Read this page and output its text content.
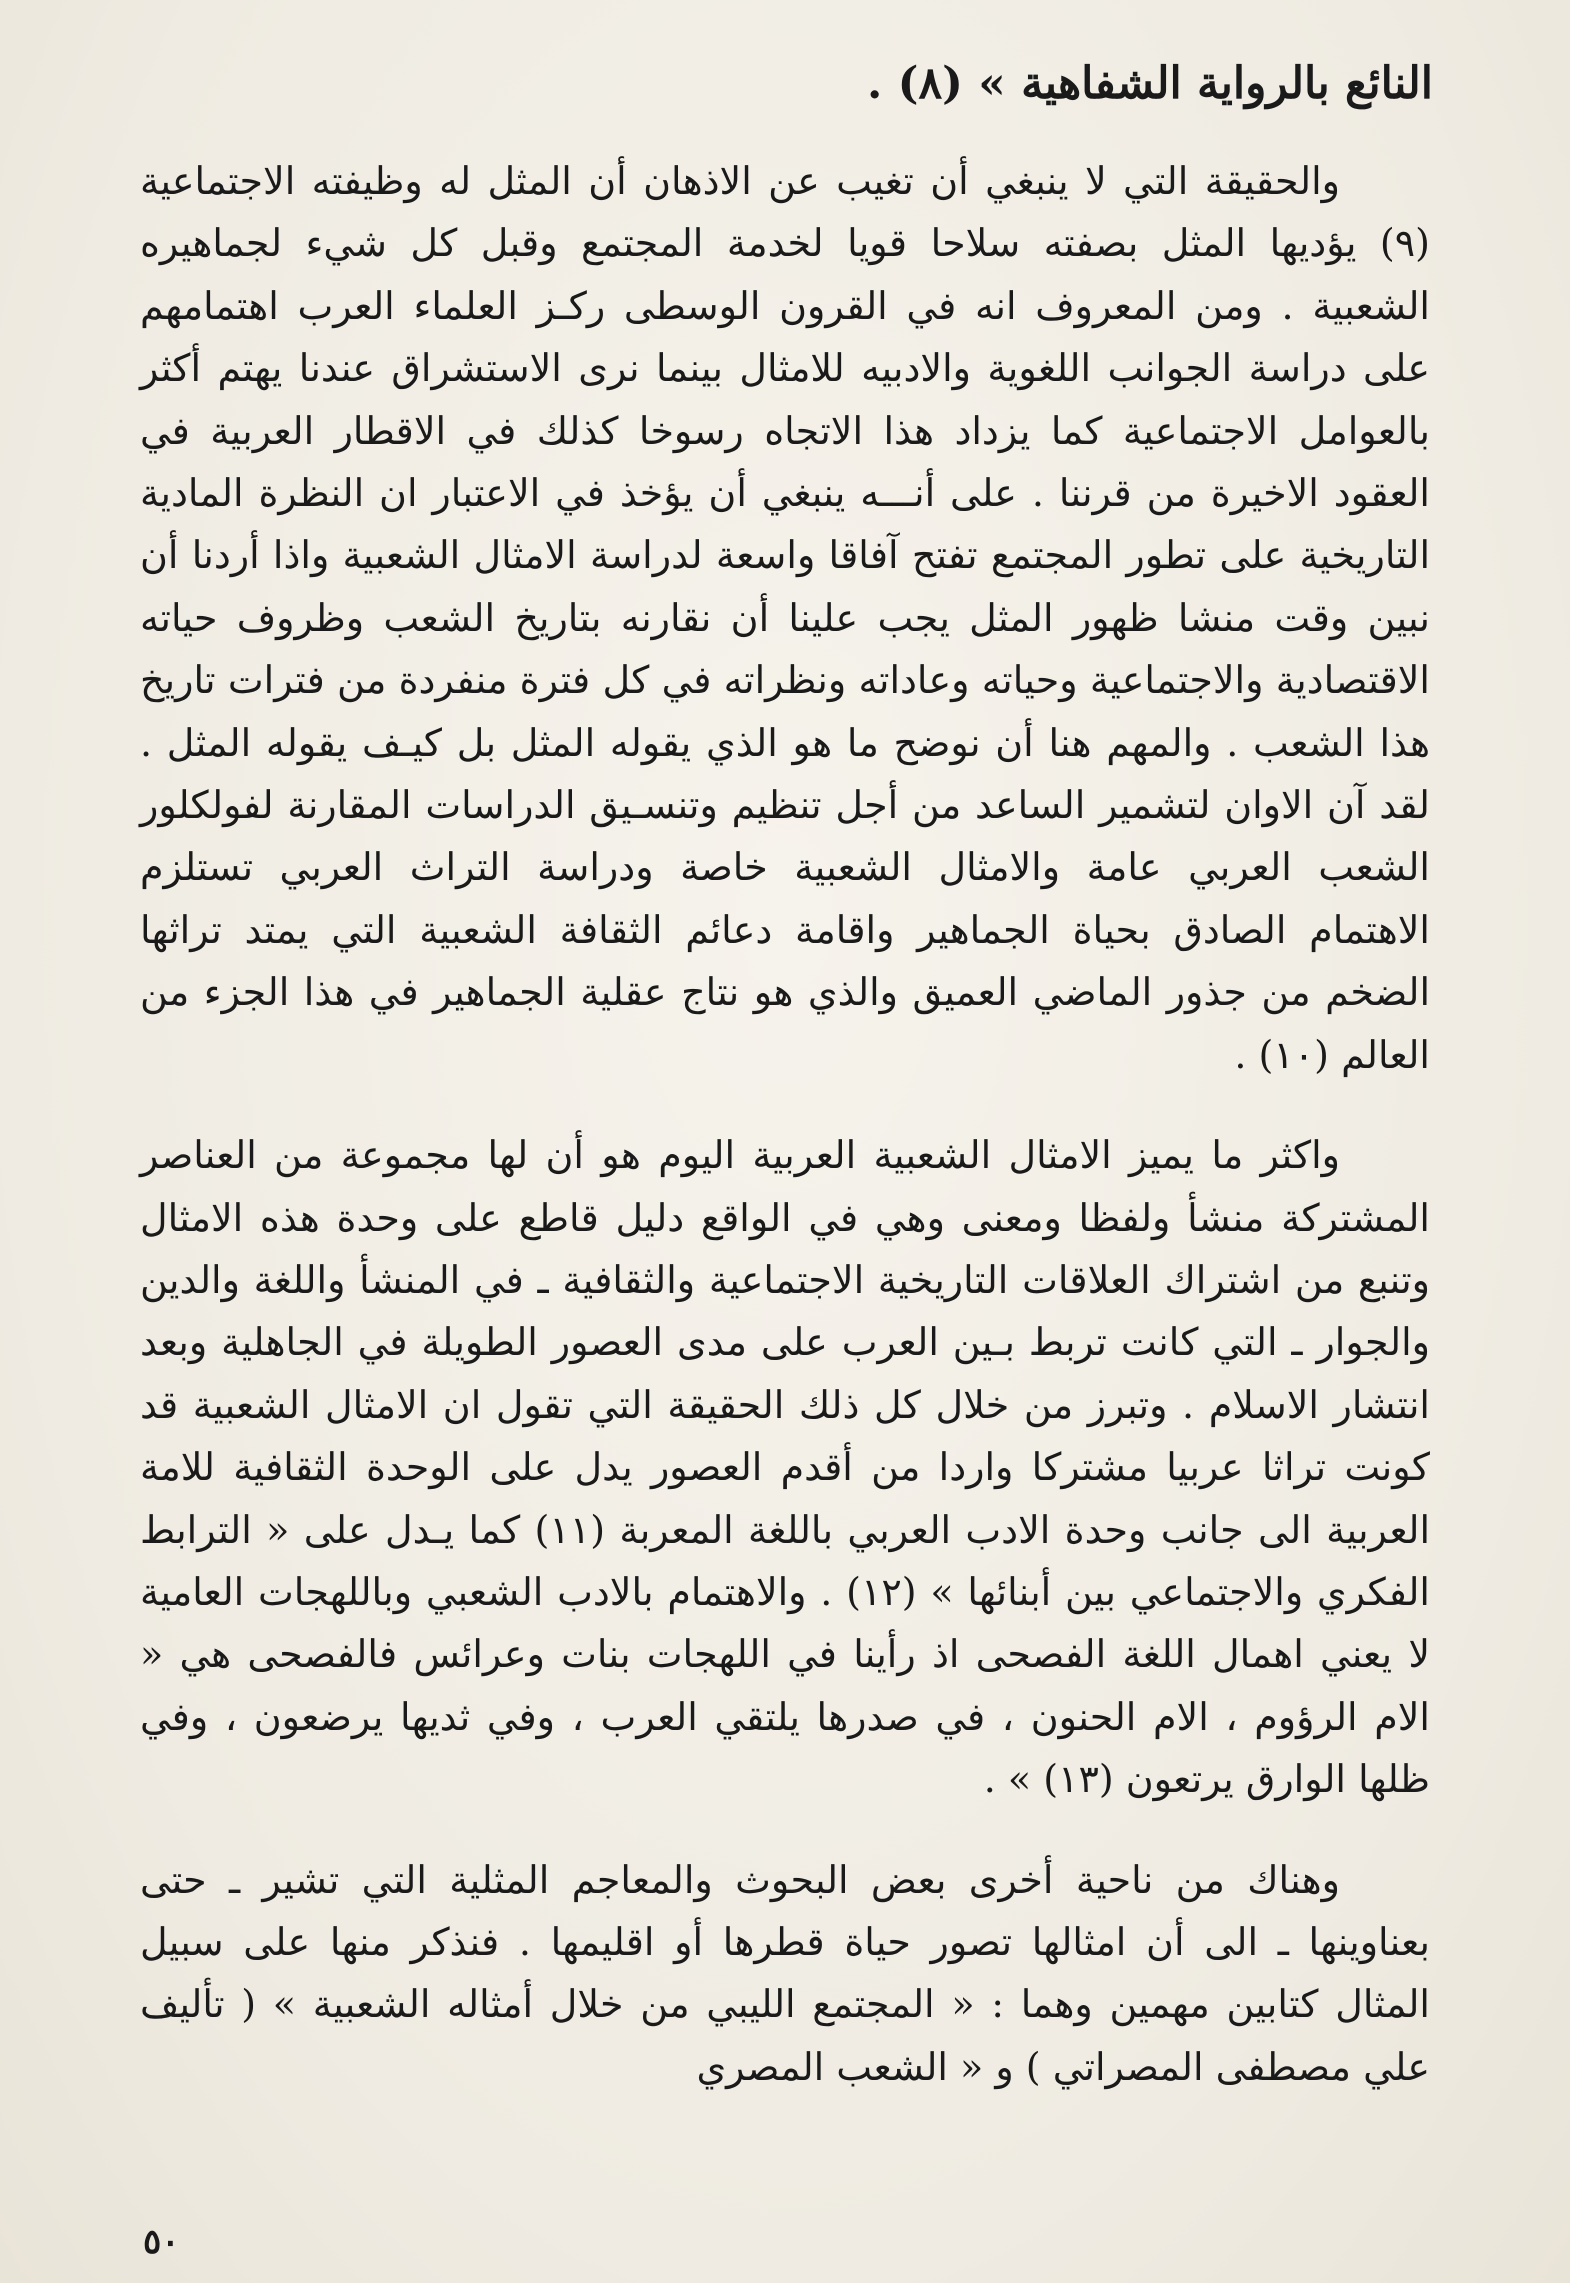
النائع بالرواية الشفاهية » (٨) .

والحقيقة التي لا ينبغي أن تغيب عن الاذهان أن المثل له وظيفته الاجتماعية (٩) يؤديها المثل بصفته سلاحا قويا لخدمة المجتمع وقبل كل شيء لجماهيره الشعبية . ومن المعروف انه في القرون الوسطى ركـز العلماء العرب اهتمامهم على دراسة الجوانب اللغوية والادبيه للامثال بينما نرى الاستشراق عندنا يهتم أكثر بالعوامل الاجتماعية كما يزداد هذا الاتجاه رسوخا كذلك في الاقطار العربية في العقود الاخيرة من قرننا . على أنـــه ينبغي أن يؤخذ في الاعتبار ان النظرة المادية التاريخية على تطور المجتمع تفتح آفاقا واسعة لدراسة الامثال الشعبية واذا أردنا أن نبين وقت منشا ظهور المثل يجب علينا أن نقارنه بتاريخ الشعب وظروف حياته الاقتصادية والاجتماعية وحياته وعاداته ونظراته في كل فترة منفردة من فترات تاريخ هذا الشعب . والمهم هنا أن نوضح ما هو الذي يقوله المثل بل كيـف يقوله المثل . لقد آن الاوان لتشمير الساعد من أجل تنظيم وتنسـيق الدراسات المقارنة لفولكلور الشعب العربي عامة والامثال الشعبية خاصة ودراسة التراث العربي تستلزم الاهتمام الصادق بحياة الجماهير واقامة دعائم الثقافة الشعبية التي يمتد تراثها الضخم من جذور الماضي العميق والذي هو نتاج عقلية الجماهير في هذا الجزء من العالم (١٠) .

واكثر ما يميز الامثال الشعبية العربية اليوم هو أن لها مجموعة من العناصر المشتركة منشأ ولفظا ومعنى وهي في الواقع دليل قاطع على وحدة هذه الامثال وتنبع من اشتراك العلاقات التاريخية الاجتماعية والثقافية ـ في المنشأ واللغة والدين والجوار ـ التي كانت تربط بـين العرب على مدى العصور الطويلة في الجاهلية وبعد انتشار الاسلام . وتبرز من خلال كل ذلك الحقيقة التي تقول ان الامثال الشعبية قد كونت تراثا عربيا مشتركا واردا من أقدم العصور يدل على الوحدة الثقافية للامة العربية الى جانب وحدة الادب العربي باللغة المعربة (١١) كما يـدل على « الترابط الفكري والاجتماعي بين أبنائها » (١٢) . والاهتمام بالادب الشعبي وباللهجات العامية لا يعني اهمال اللغة الفصحى اذ رأينا في اللهجات بنات وعرائس فالفصحى هي « الام الرؤوم ، الام الحنون ، في صدرها يلتقي العرب ، وفي ثديها يرضعون ، وفي ظلها الوارق يرتعون (١٣) » .

وهناك من ناحية أخرى بعض البحوث والمعاجم المثلية التي تشير ـ حتى بعناوينها ـ الى أن امثالها تصور حياة قطرها أو اقليمها . فنذكر منها على سبيل المثال كتابين مهمين وهما : « المجتمع الليبي من خلال أمثاله الشعبية » ( تأليف علي مصطفى المصراتي ) و « الشعب المصري

٥٠
